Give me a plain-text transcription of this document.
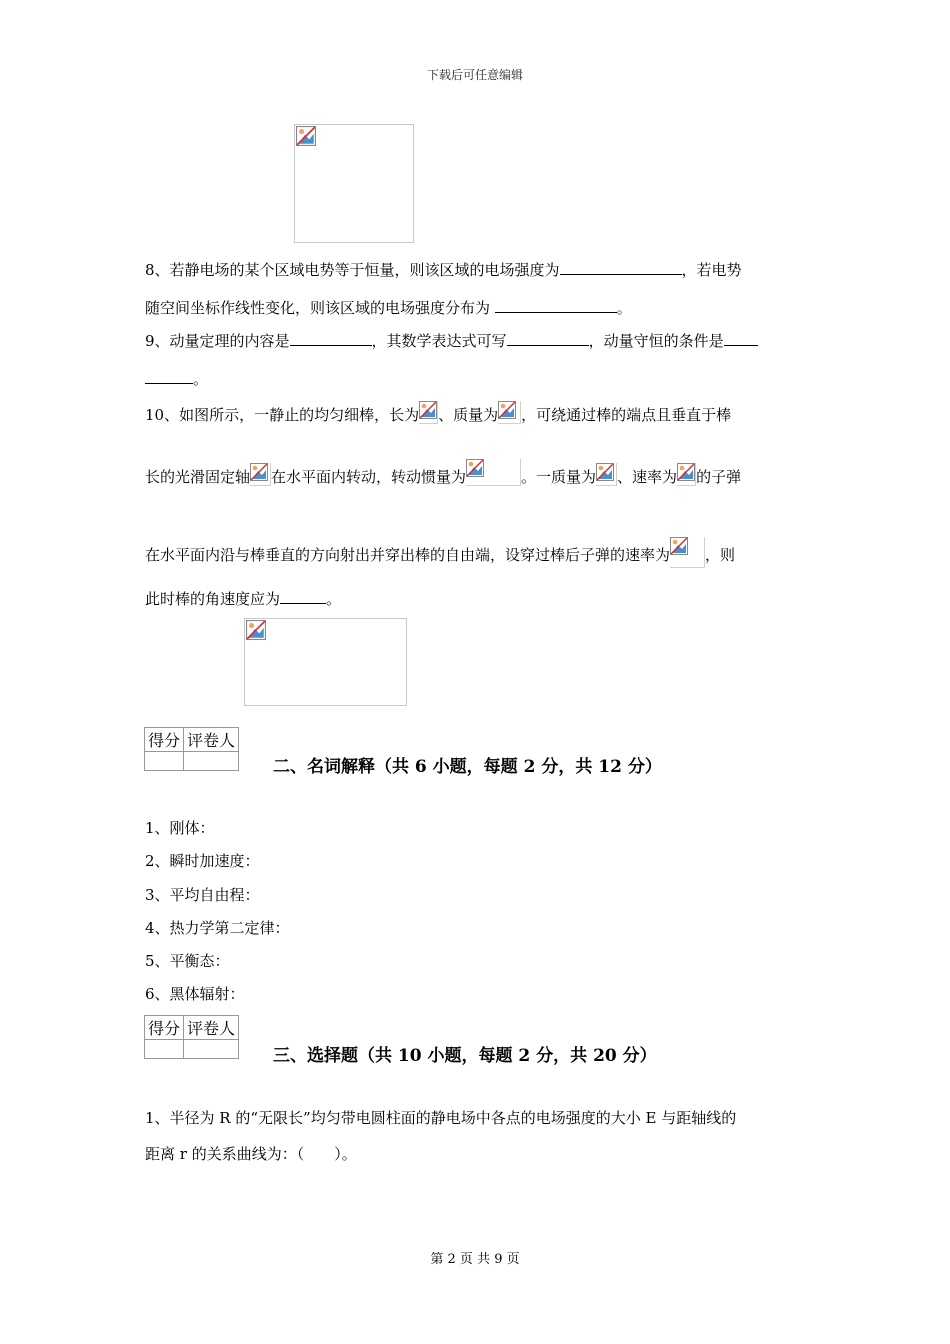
下载后可任意编辑
8、若静电场的某个区域电势等于恒量，则该区域的电场强度为	，若电势
随空间坐标作线性变化，则该区域的电场强度分布为	。
9、动量定理的内容是	，其数学表达式可写	，动量守恒的条件是
。
10、如图所示，一静止的均匀细棒，长为 、质量为 ，可绕通过棒的端点且垂直于棒
长的光滑固定轴 在水平面内转动，转动惯量为	。一质量为 、速率为 的子弹
在水平面内沿与棒垂直的方向射出并穿出棒的自由端，设穿过棒后子弹的速率为 ，则
此时棒的角速度应为	。
得分	评卷人

二、名词解释（共 6 小题，每题 2 分，共 12 分）
1、刚体：
2、瞬时加速度：
3、平均自由程：
4、热力学第二定律：
5、平衡态：
6、黑体辐射：
得分	评卷人

三、选择题（共 10 小题，每题 2 分，共 20 分）
1、半径为 R 的“无限长”均匀带电圆柱面的静电场中各点的电场强度的大小 E 与距轴线的
距离 r 的关系曲线为：（　　）。
第 2 页 共 9 页
